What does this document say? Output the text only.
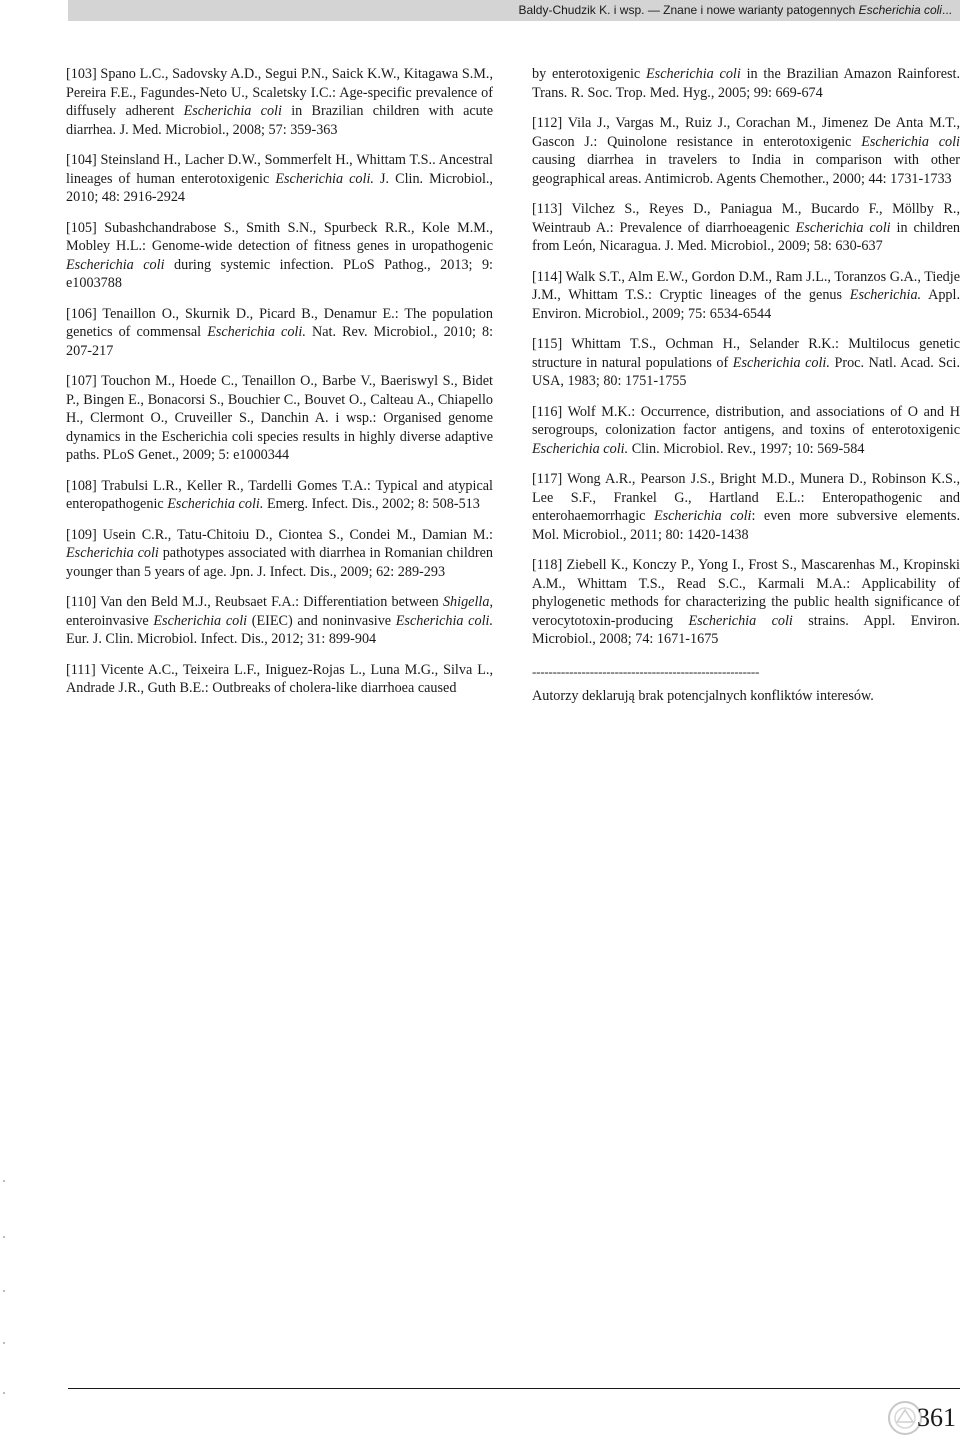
Baldy-Chudzik K. i wsp. — Znane i nowe warianty patogennych Escherichia coli...

[103] Spano L.C., Sadovsky A.D., Segui P.N., Saick K.W., Kitagawa S.M., Pereira F.E., Fagundes-Neto U., Scaletsky I.C.: Age-specific prevalence of diffusely adherent Escherichia coli in Brazilian children with acute diarrhea. J. Med. Microbiol., 2008; 57: 359-363

[104] Steinsland H., Lacher D.W., Sommerfelt H., Whittam T.S.. Ancestral lineages of human enterotoxigenic Escherichia coli. J. Clin. Microbiol., 2010; 48: 2916-2924

[105] Subashchandrabose S., Smith S.N., Spurbeck R.R., Kole M.M., Mobley H.L.: Genome-wide detection of fitness genes in uropathogenic Escherichia coli during systemic infection. PLoS Pathog., 2013; 9: e1003788

[106] Tenaillon O., Skurnik D., Picard B., Denamur E.: The population genetics of commensal Escherichia coli. Nat. Rev. Microbiol., 2010; 8: 207-217

[107] Touchon M., Hoede C., Tenaillon O., Barbe V., Baeriswyl S., Bidet P., Bingen E., Bonacorsi S., Bouchier C., Bouvet O., Calteau A., Chiapello H., Clermont O., Cruveiller S., Danchin A. i wsp.: Organised genome dynamics in the Escherichia coli species results in highly diverse adaptive paths. PLoS Genet., 2009; 5: e1000344

[108] Trabulsi L.R., Keller R., Tardelli Gomes T.A.: Typical and atypical enteropathogenic Escherichia coli. Emerg. Infect. Dis., 2002; 8: 508-513

[109] Usein C.R., Tatu-Chitoiu D., Ciontea S., Condei M., Damian M.: Escherichia coli pathotypes associated with diarrhea in Romanian children younger than 5 years of age. Jpn. J. Infect. Dis., 2009; 62: 289-293

[110] Van den Beld M.J., Reubsaet F.A.: Differentiation between Shigella, enteroinvasive Escherichia coli (EIEC) and noninvasive Escherichia coli. Eur. J. Clin. Microbiol. Infect. Dis., 2012; 31: 899-904

[111] Vicente A.C., Teixeira L.F., Iniguez-Rojas L., Luna M.G., Silva L., Andrade J.R., Guth B.E.: Outbreaks of cholera-like diarrhoea caused

by enterotoxigenic Escherichia coli in the Brazilian Amazon Rainforest. Trans. R. Soc. Trop. Med. Hyg., 2005; 99: 669-674

[112] Vila J., Vargas M., Ruiz J., Corachan M., Jimenez De Anta M.T., Gascon J.: Quinolone resistance in enterotoxigenic Escherichia coli causing diarrhea in travelers to India in comparison with other geographical areas. Antimicrob. Agents Chemother., 2000; 44: 1731-1733

[113] Vilchez S., Reyes D., Paniagua M., Bucardo F., Möllby R., Weintraub A.: Prevalence of diarrhoeagenic Escherichia coli in children from León, Nicaragua. J. Med. Microbiol., 2009; 58: 630-637

[114] Walk S.T., Alm E.W., Gordon D.M., Ram J.L., Toranzos G.A., Tiedje J.M., Whittam T.S.: Cryptic lineages of the genus Escherichia. Appl. Environ. Microbiol., 2009; 75: 6534-6544

[115] Whittam T.S., Ochman H., Selander R.K.: Multilocus genetic structure in natural populations of Escherichia coli. Proc. Natl. Acad. Sci. USA, 1983; 80: 1751-1755

[116] Wolf M.K.: Occurrence, distribution, and associations of O and H serogroups, colonization factor antigens, and toxins of enterotoxigenic Escherichia coli. Clin. Microbiol. Rev., 1997; 10: 569-584

[117] Wong A.R., Pearson J.S., Bright M.D., Munera D., Robinson K.S., Lee S.F., Frankel G., Hartland E.L.: Enteropathogenic and enterohaemorrhagic Escherichia coli: even more subversive elements. Mol. Microbiol., 2011; 80: 1420-1438

[118] Ziebell K., Konczy P., Yong I., Frost S., Mascarenhas M., Kropinski A.M., Whittam T.S., Read S.C., Karmali M.A.: Applicability of phylogenetic methods for characterizing the public health significance of verocytotoxin-producing Escherichia coli strains. Appl. Environ. Microbiol., 2008; 74: 1671-1675

-------------------------------------------------------

Autorzy deklarują brak potencjalnych konfliktów interesów.

361
